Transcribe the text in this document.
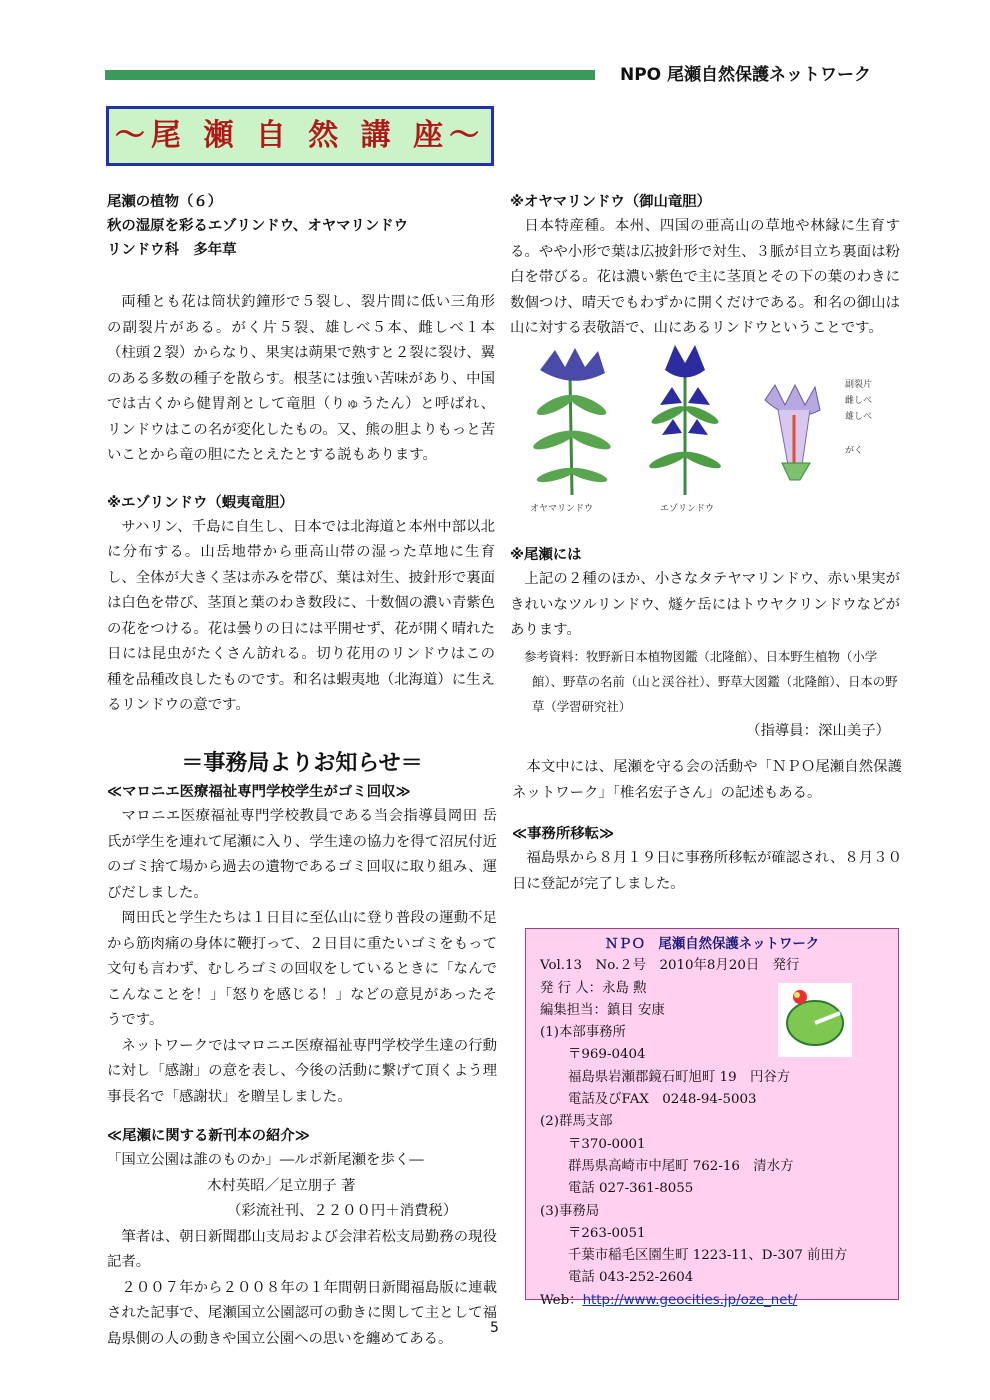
NPO 尾瀬自然保護ネットワーク
～尾 瀬 自 然 講 座～
尾瀬の植物（６）
秋の湿原を彩るエゾリンドウ、オヤマリンドウ
リンドウ科　多年草

両種とも花は筒状釣鐘形で５裂し、裂片間に低い三角形の副裂片がある。がく片５裂、雄しべ５本、雌しべ１本（柱頭２裂）からなり、果実は蒴果で熟すと２裂に裂け、翼のある多数の種子を散らす。根茎には強い苦味があり、中国では古くから健胃剤として竜胆（りゅうたん）と呼ばれ、リンドウはこの名が変化したもの。又、熊の胆よりもっと苦いことから竜の胆にたとえたとする説もあります。

※エゾリンドウ（蝦夷竜胆）

サハリン、千島に自生し、日本では北海道と本州中部以北に分布する。山岳地帯から亜高山帯の湿った草地に生育し、全体が大きく茎は赤みを帯び、葉は対生、披針形で裏面は白色を帯び、茎頂と葉のわき数段に、十数個の濃い青紫色の花をつける。花は曇りの日には平開せず、花が開く晴れた日には昆虫がたくさん訪れる。切り花用のリンドウはこの種を品種改良したものです。和名は蝦夷地（北海道）に生えるリンドウの意です。

※オヤマリンドウ（御山竜胆）

日本特産種。本州、四国の亜高山の草地や林縁に生育する。やや小形で葉は広披針形で対生、３脈が目立ち裏面は粉白を帯びる。花は濃い紫色で主に茎頂とその下の葉のわきに数個つけ、晴天でもわずかに開くだけである。和名の御山は山に対する表敬語で、山にあるリンドウということです。

副裂片
雌しべ
雄しべ
がく
オヤマリンドウ	エゾリンドウ
※尾瀬には

上記の２種のほか、小さなタテヤマリンドウ、赤い果実がきれいなツルリンドウ、燧ケ岳にはトウヤクリンドウなどがあります。

参考資料：牧野新日本植物図鑑（北隆館）、日本野生植物（小学館）、野草の名前（山と渓谷社）、野草大図鑑（北隆館）、日本の野草（学習研究社）
（指導員：深山美子）
＝事務局よりお知らせ＝
≪マロニエ医療福祉専門学校学生がゴミ回収≫

マロニエ医療福祉専門学校教員である当会指導員岡田 岳氏が学生を連れて尾瀬に入り、学生達の協力を得て沼尻付近のゴミ捨て場から過去の遺物であるゴミ回収に取り組み、運びだしました。

岡田氏と学生たちは１日目に至仏山に登り普段の運動不足から筋肉痛の身体に鞭打って、２日目に重たいゴミをもって文句も言わず、むしろゴミの回収をしているときに「なんでこんなことを！」「怒りを感じる！」などの意見があったそうです。

ネットワークではマロニエ医療福祉専門学校学生達の行動に対し「感謝」の意を表し、今後の活動に繋げて頂くよう理事長名で「感謝状」を贈呈しました。

≪尾瀬に関する新刊本の紹介≫
「国立公園は誰のものか」―ルポ新尾瀬を歩く―
木村英昭／足立朋子 著
（彩流社刊、２２００円＋消費税）

筆者は、朝日新聞郡山支局および会津若松支局勤務の現役記者。

２００７年から２００８年の１年間朝日新聞福島版に連載された記事で、尾瀬国立公園認可の動きに関して主として福島県側の人の動きや国立公園への思いを纏めてある。

本文中には、尾瀬を守る会の活動や「ＮＰＯ尾瀬自然保護ネットワーク」「椎名宏子さん」の記述もある。

≪事務所移転≫

福島県から８月１９日に事務所移転が確認され、８月３０日に登記が完了しました。

ＮＰＯ　尾瀬自然保護ネットワーク
Vol.13　No.２号　2010年8月20日　発行
発 行 人：永島 勲
編集担当：鎮目 安康
(1)本部事務所
〒969-0404
福島県岩瀬郡鏡石町旭町 19　円谷方
電話及びFAX　0248-94-5003
(2)群馬支部
〒370-0001
群馬県高崎市中尾町 762-16　清水方
電話 027-361-8055
(3)事務局
〒263-0051
千葉市稲毛区園生町 1223-11、D-307 前田方
電話 043-252-2604
Web：http://www.geocities.jp/oze_net/
5
